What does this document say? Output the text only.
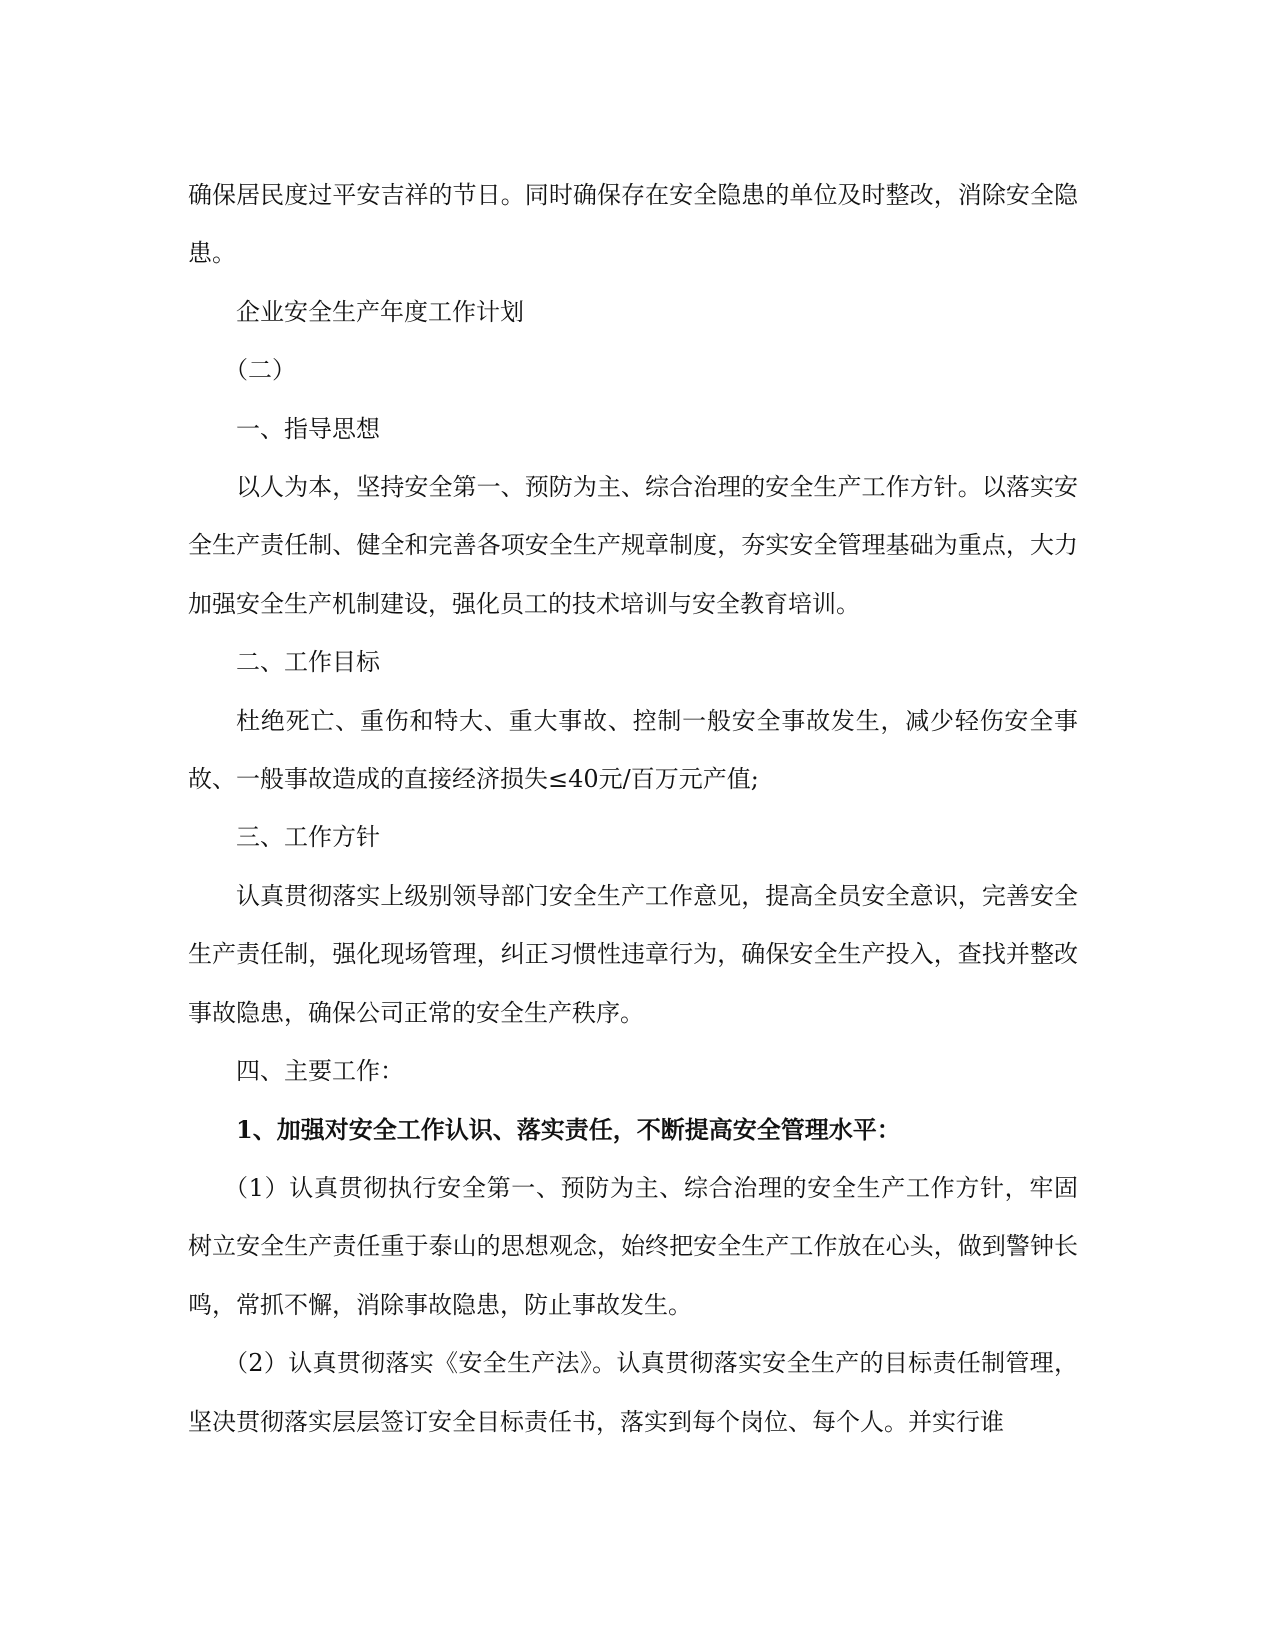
确保居民度过平安吉祥的节日。同时确保存在安全隐患的单位及时整改，消除安全隐患。

企业安全生产年度工作计划

（二）

一、指导思想

以人为本，坚持安全第一、预防为主、综合治理的安全生产工作方针。以落实安全生产责任制、健全和完善各项安全生产规章制度，夯实安全管理基础为重点，大力加强安全生产机制建设，强化员工的技术培训与安全教育培训。

二、工作目标

杜绝死亡、重伤和特大、重大事故、控制一般安全事故发生，减少轻伤安全事故、一般事故造成的直接经济损失≤40元/百万元产值;

三、工作方针

认真贯彻落实上级别领导部门安全生产工作意见，提高全员安全意识，完善安全生产责任制，强化现场管理，纠正习惯性违章行为，确保安全生产投入，查找并整改事故隐患，确保公司正常的安全生产秩序。

四、主要工作：

1、加强对安全工作认识、落实责任，不断提高安全管理水平：

（1）认真贯彻执行安全第一、预防为主、综合治理的安全生产工作方针，牢固树立安全生产责任重于泰山的思想观念，始终把安全生产工作放在心头，做到警钟长鸣，常抓不懈，消除事故隐患，防止事故发生。

（2）认真贯彻落实《安全生产法》。认真贯彻落实安全生产的目标责任制管理，坚决贯彻落实层层签订安全目标责任书，落实到每个岗位、每个人。并实行谁
